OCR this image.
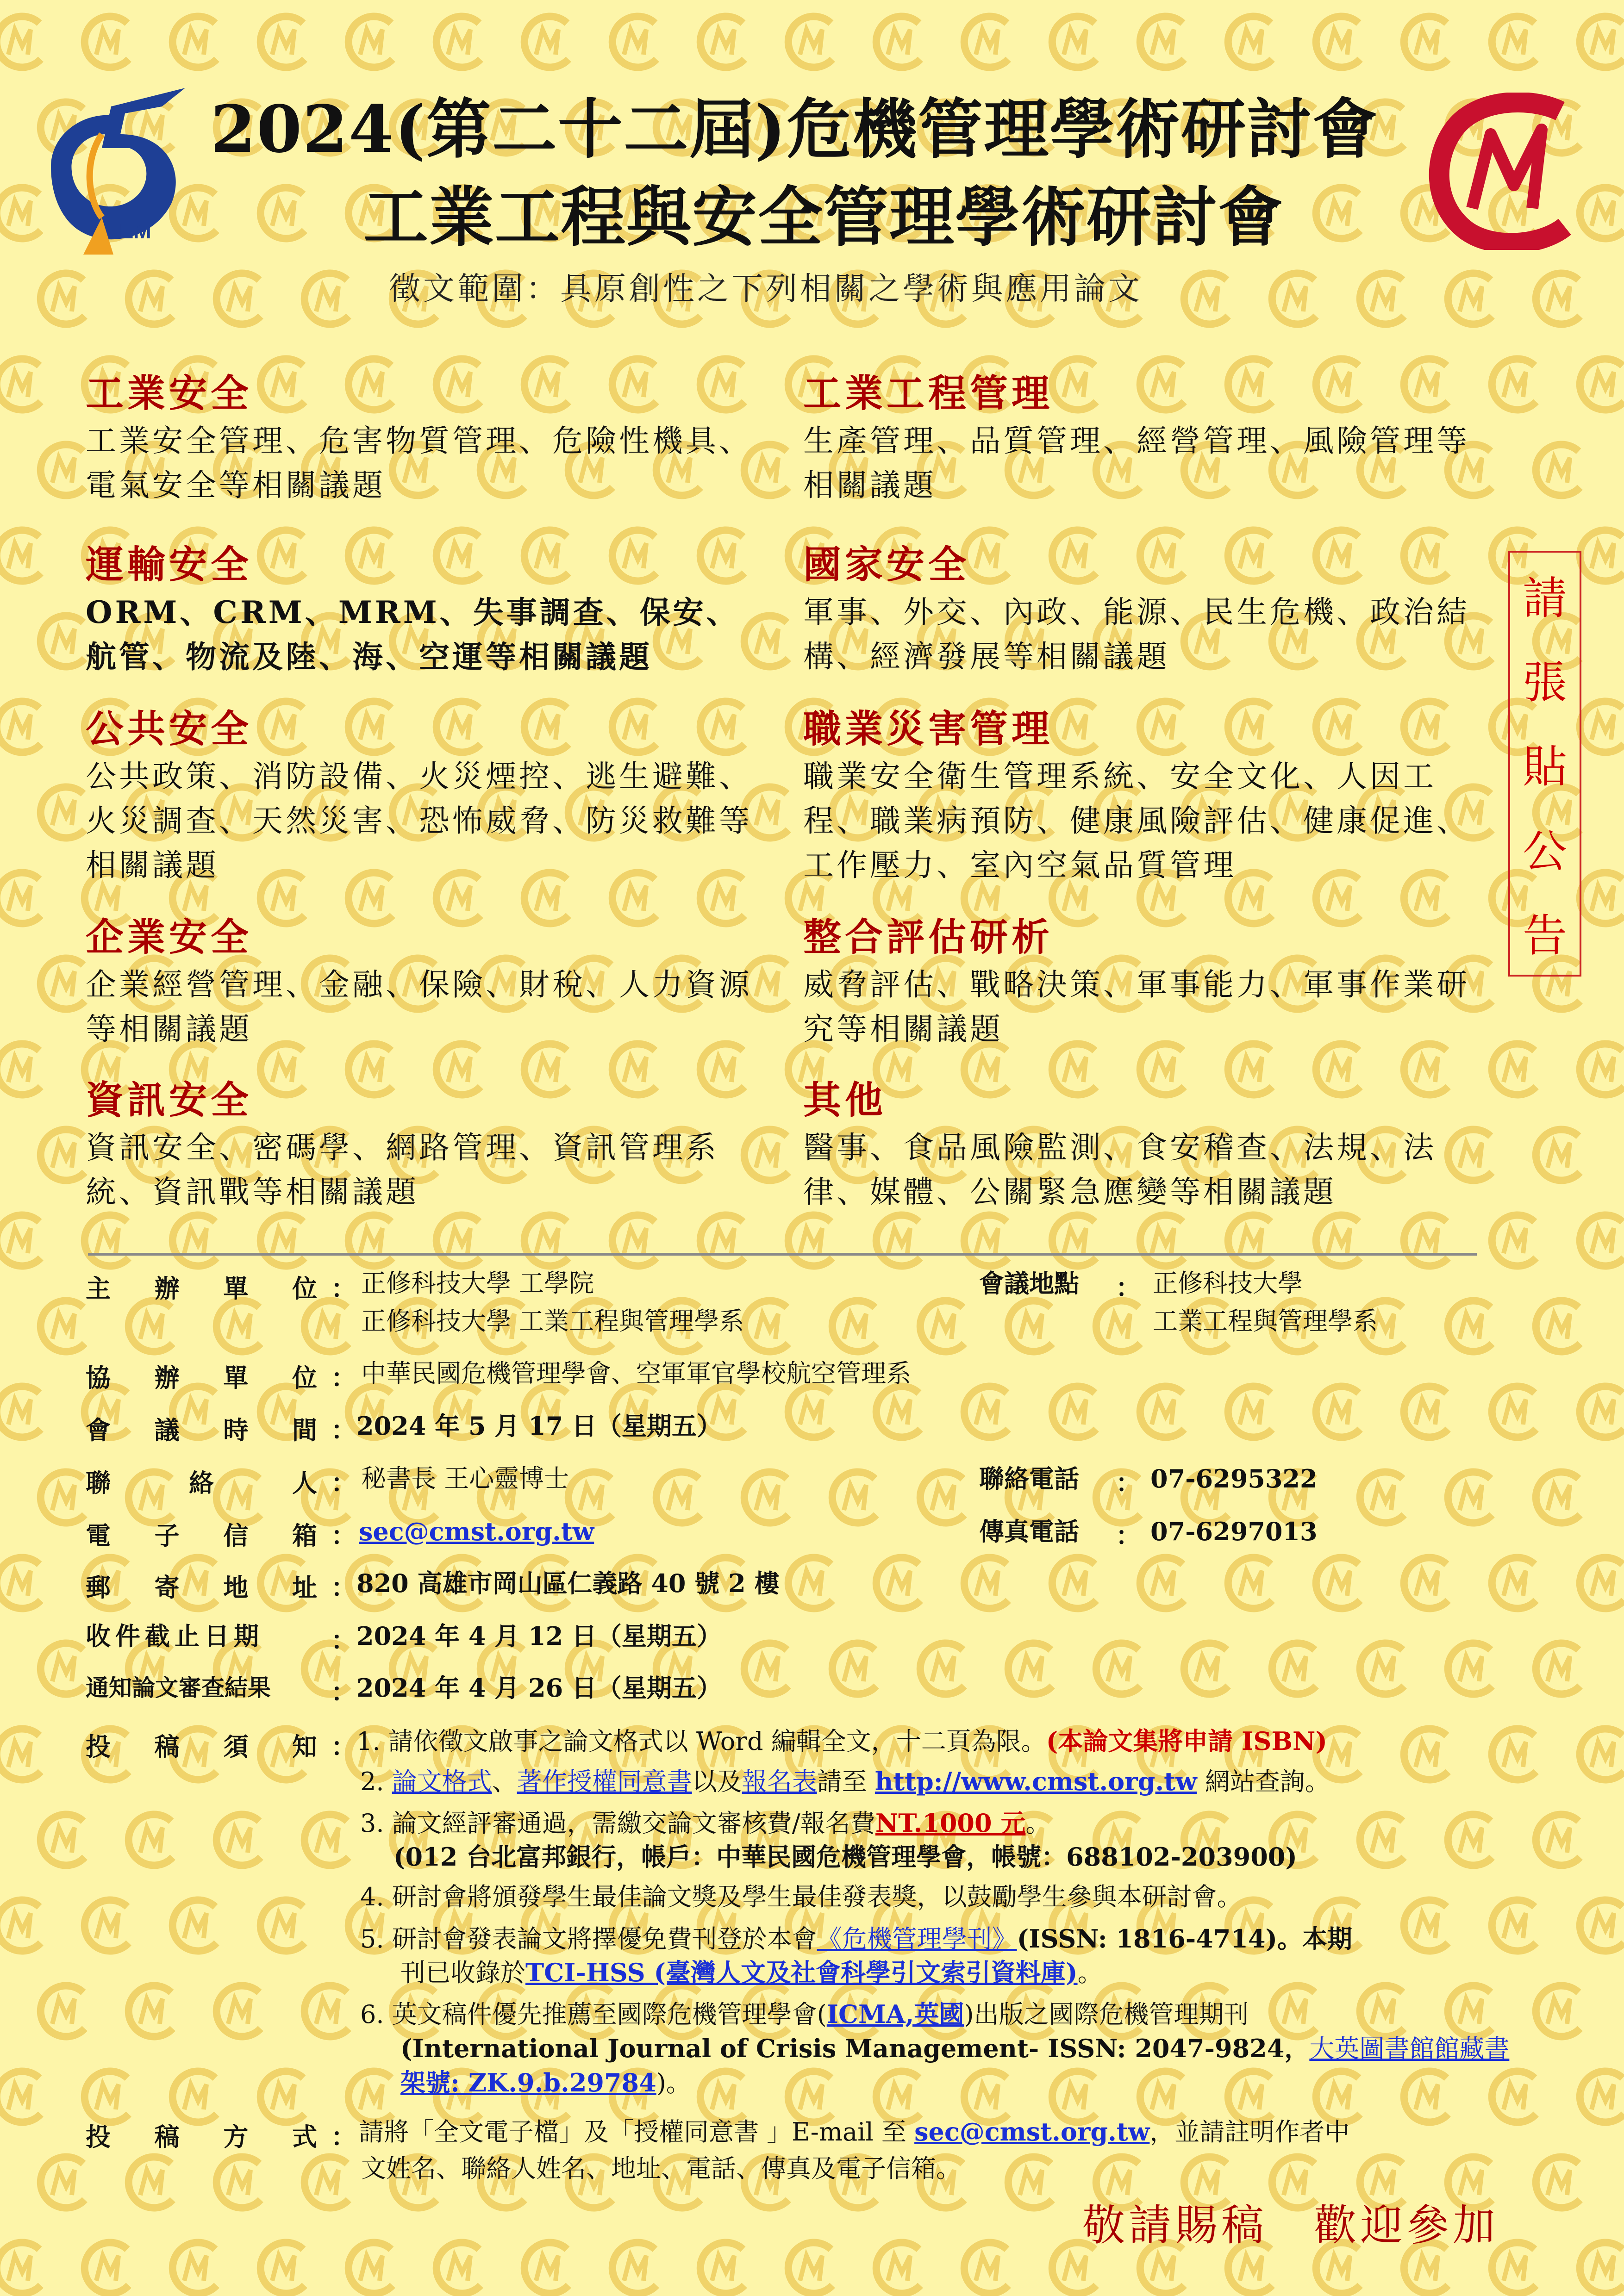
IEM
2024(第二十二屆)危機管理學術研討會
工業工程與安全管理學術研討會
徵文範圍：具原創性之下列相關之學術與應用論文
工業安全
工業安全管理、危害物質管理、危險性機具、電氣安全等相關議題
運輸安全
ORM、CRM、MRM、失事調查、保安、航管、物流及陸、海、空運等相關議題
公共安全
公共政策、消防設備、火災煙控、逃生避難、火災調查、天然災害、恐怖威脅、防災救難等相關議題
企業安全
企業經營管理、金融、保險、財稅、人力資源等相關議題
資訊安全
資訊安全、密碼學、網路管理、資訊管理系統、資訊戰等相關議題
工業工程管理
生產管理、品質管理、經營管理、風險管理等相關議題
國家安全
軍事、外交、內政、能源、民生危機、政治結構、經濟發展等相關議題
職業災害管理
職業安全衛生管理系統、安全文化、人因工程、職業病預防、健康風險評估、健康促進、工作壓力、室內空氣品質管理
整合評估研析
威脅評估、戰略決策、軍事能力、軍事作業研究等相關議題
其他
醫事、食品風險監測、食安稽查、法規、法律、媒體、公關緊急應變等相關議題
請
張
貼
公
告
主 辦 單 位 ： 正修科技大學 工學院
正修科技大學 工業工程與管理學系
會議地點 ： 正修科技大學
工業工程與管理學系
協 辦 單 位 ： 中華民國危機管理學會、空軍軍官學校航空管理系
會 議 時 間 ： 2024 年 5 月 17 日（星期五）
聯	絡	人 ： 秘書長 王心靈博士	聯絡電話 ： 07-6295322
電 子 信 箱 ： sec@cmst.org.tw	傳真電話 ： 07-6297013
郵 寄 地 址 ： 820 高雄市岡山區仁義路 40 號 2 樓
收件截止日期	： 2024 年 4 月 12 日（星期五）
通知論文審查結果 ： 2024 年 4 月 26 日（星期五）
投 稿 須 知 ： 1. 請依徵文啟事之論文格式以 Word 編輯全文，十二頁為限。(本論文集將申請 ISBN)
2. 論文格式、著作授權同意書以及報名表請至 http://www.cmst.org.tw 網站查詢。
3. 論文經評審通過，需繳交論文審核費/報名費NT.1000 元。
(012 台北富邦銀行，帳戶：中華民國危機管理學會，帳號：688102-203900)
4. 研討會將頒發學生最佳論文獎及學生最佳發表獎，以鼓勵學生參與本研討會。
5. 研討會發表論文將擇優免費刊登於本會《危機管理學刊》(ISSN: 1816-4714)。本期
刊已收錄於TCI-HSS (臺灣人文及社會科學引文索引資料庫)。
6. 英文稿件優先推薦至國際危機管理學會(ICMA,英國)出版之國際危機管理期刊
(International Journal of Crisis Management- ISSN: 2047-9824，大英圖書館館藏書
架號: ZK.9.b.29784)。
投 稿 方 式 ： 請將「全文電子檔」及「授權同意書 」E-mail 至 sec@cmst.org.tw，並請註明作者中
文姓名、聯絡人姓名、地址、電話、傳真及電子信箱。
敬請賜稿　歡迎參加
